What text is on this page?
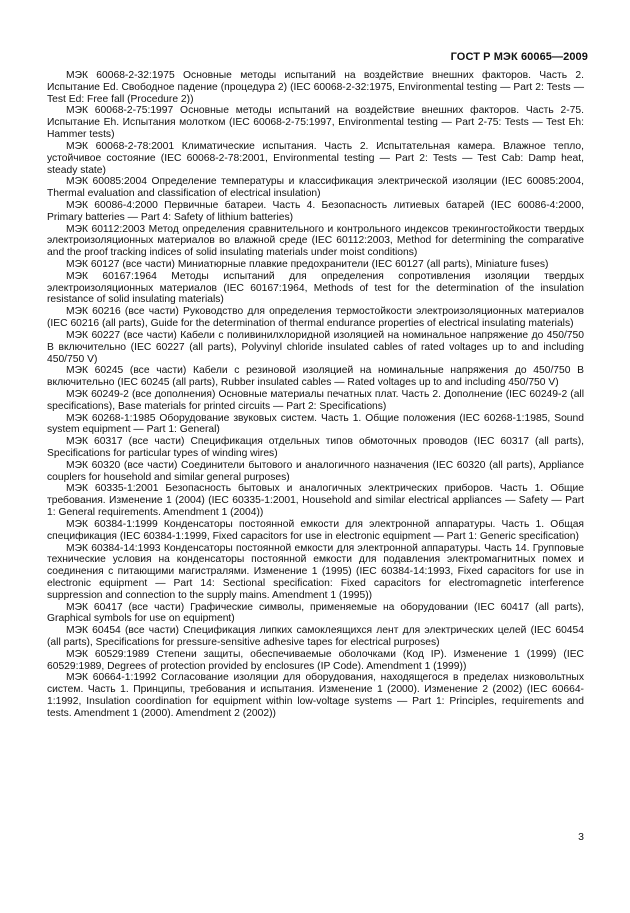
ГОСТ Р МЭК 60065—2009

МЭК 60068-2-32:1975 Основные методы испытаний на воздействие внешних факторов. Часть 2. Испытание Ed. Свободное падение (процедура 2) (IEC 60068-2-32:1975, Environmental testing — Part 2: Tests — Test Ed: Free fall (Procedure 2))

МЭК 60068-2-75:1997 Основные методы испытаний на воздействие внешних факторов. Часть 2-75. Испытание Eh. Испытания молотком (IEC 60068-2-75:1997, Environmental testing — Part 2-75: Tests — Test Eh: Hammer tests)

МЭК 60068-2-78:2001 Климатические испытания. Часть 2. Испытательная камера. Влажное тепло, устойчивое состояние (IEC 60068-2-78:2001, Environmental testing — Part 2: Tests — Test Cab: Damp heat, steady state)

МЭК 60085:2004 Определение температуры и классификация электрической изоляции (IEC 60085:2004, Thermal evaluation and classification of electrical insulation)

МЭК 60086-4:2000 Первичные батареи. Часть 4. Безопасность литиевых батарей (IEC 60086-4:2000, Primary batteries — Part 4: Safety of lithium batteries)

МЭК 60112:2003 Метод определения сравнительного и контрольного индексов трекингостойкости твердых электроизоляционных материалов во влажной среде (IEC 60112:2003, Method for determining the comparative and the proof tracking indices of solid insulating materials under moist conditions)

МЭК 60127 (все части) Миниатюрные плавкие предохранители (IEC 60127 (all parts), Miniature fuses)

МЭК 60167:1964 Методы испытаний для определения сопротивления изоляции твердых электроизоляционных материалов (IEC 60167:1964, Methods of test for the determination of the insulation resistance of solid insulating materials)

МЭК 60216 (все части) Руководство для определения термостойкости электроизоляционных материалов (IEC 60216 (all parts), Guide for the determination of thermal endurance properties of electrical insulating materials)

МЭК 60227 (все части) Кабели с поливинилхлоридной изоляцией на номинальное напряжение до 450/750 В включительно (IEC 60227 (all parts), Polyvinyl chloride insulated cables of rated voltages up to and including 450/750 V)

МЭК 60245 (все части) Кабели с резиновой изоляцией на номинальные напряжения до 450/750 В включительно (IEC 60245 (all parts), Rubber insulated cables — Rated voltages up to and including 450/750 V)

МЭК 60249-2 (все дополнения) Основные материалы печатных плат. Часть 2. Дополнение (IEC 60249-2 (all specifications), Base materials for printed circuits — Part 2: Specifications)

МЭК 60268-1:1985 Оборудование звуковых систем. Часть 1. Общие положения (IEC 60268-1:1985, Sound system equipment — Part 1: General)

МЭК 60317 (все части) Спецификация отдельных типов обмоточных проводов (IEC 60317 (all parts), Specifications for particular types of winding wires)

МЭК 60320 (все части) Соединители бытового и аналогичного назначения (IEC 60320 (all parts), Appliance couplers for household and similar general purposes)

МЭК 60335-1:2001 Безопасность бытовых и аналогичных электрических приборов. Часть 1. Общие требования. Изменение 1 (2004) (IEC 60335-1:2001, Household and similar electrical appliances — Safety — Part 1: General requirements. Amendment 1 (2004))

МЭК 60384-1:1999 Конденсаторы постоянной емкости для электронной аппаратуры. Часть 1. Общая спецификация (IEC 60384-1:1999, Fixed capacitors for use in electronic equipment — Part 1: Generic specification)

МЭК 60384-14:1993 Конденсаторы постоянной емкости для электронной аппаратуры. Часть 14. Групповые технические условия на конденсаторы постоянной емкости для подавления электромагнитных помех и соединения с питающими магистралями. Изменение 1 (1995) (IEC 60384-14:1993, Fixed capacitors for use in electronic equipment — Part 14: Sectional specification: Fixed capacitors for electromagnetic interference suppression and connection to the supply mains. Amendment 1 (1995))

МЭК 60417 (все части) Графические символы, применяемые на оборудовании (IEC 60417 (all parts), Graphical symbols for use on equipment)

МЭК 60454 (все части) Спецификация липких самоклеящихся лент для электрических целей (IEC 60454 (all parts), Specifications for pressure-sensitive adhesive tapes for electrical purposes)

МЭК 60529:1989 Степени защиты, обеспечиваемые оболочками (Код IP). Изменение 1 (1999) (IEC 60529:1989, Degrees of protection provided by enclosures (IP Code). Amendment 1 (1999))

МЭК 60664-1:1992 Согласование изоляции для оборудования, находящегося в пределах низковольтных систем. Часть 1. Принципы, требования и испытания. Изменение 1 (2000). Изменение 2 (2002) (IEC 60664-1:1992, Insulation coordination for equipment within low-voltage systems — Part 1: Principles, requirements and tests. Amendment 1 (2000). Amendment 2 (2002))

3
